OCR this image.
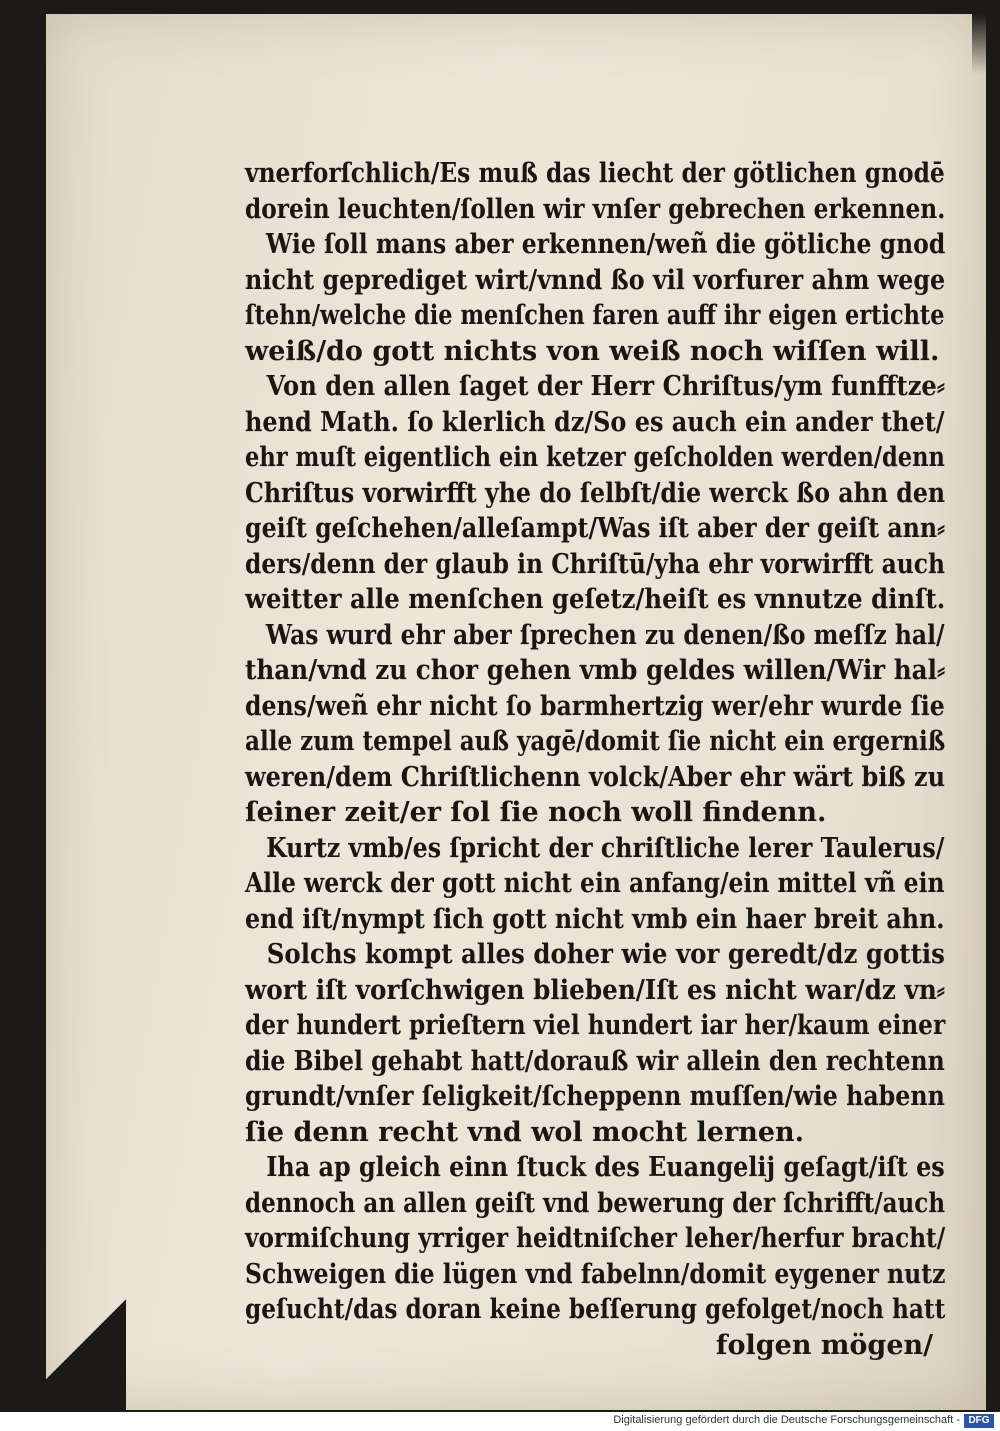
vnerforſchlich/Es muß das liecht der götlichen gnodē
dorein leuchten/ſollen wir vnſer gebrechen erkennen.
Wie ſoll mans aber erkennen/weñ die götliche gnod
nicht geprediget wirt/vnnd ßo vil vorfurer ahm wege
ſtehn/welche die menſchen faren auff ihr eigen ertichte
weiß/do gott nichts von weiß noch wiſſen will.
Von den allen ſaget der Herr Chriſtus/ym funfftze⸗
hend Math. ſo klerlich dz/So es auch ein ander thet/
ehr muſt eigentlich ein ketzer geſcholden werden/denn
Chriſtus vorwirfft yhe do ſelbſt/die werck ßo ahn den
geiſt geſchehen/alleſampt/Was iſt aber der geiſt ann⸗
ders/denn der glaub in Chriſtū/yha ehr vorwirfft auch
weitter alle menſchen geſetz/heiſt es vnnutze dinſt.
Was wurd ehr aber ſprechen zu denen/ßo meſſz hal/
than/vnd zu chor gehen vmb geldes willen/Wir hal⸗
dens/weñ ehr nicht ſo barmhertzig wer/ehr wurde ſie
alle zum tempel auß yagē/domit ſie nicht ein ergerniß
weren/dem Chriſtlichenn volck/Aber ehr wärt biß zu
ſeiner zeit/er ſol ſie noch woll findenn.
Kurtz vmb/es ſpricht der chriſtliche lerer Taulerus/
Alle werck der gott nicht ein anfang/ein mittel vñ ein
end iſt/nympt ſich gott nicht vmb ein haer breit ahn.
Solchs kompt alles doher wie vor geredt/dz gottis
wort iſt vorſchwigen blieben/Iſt es nicht war/dz vn⸗
der hundert prieſtern viel hundert iar her/kaum einer
die Bibel gehabt hatt/dorauß wir allein den rechtenn
grundt/vnſer ſeligkeit/ſcheppenn muſſen/wie habenn
ſie denn recht vnd wol mocht lernen.
Iha ap gleich einn ſtuck des Euangelij geſagt/iſt es
dennoch an allen geiſt vnd bewerung der ſchrifft/auch
vormiſchung yrriger heidtniſcher leher/herfur bracht/
Schweigen die lügen vnd fabelnn/domit eygener nutz
geſucht/das doran keine beſſerung gefolget/noch hatt
folgen mögen/
Digitalisierung gefördert durch die Deutsche Forschungsgemeinschaft - DFG
